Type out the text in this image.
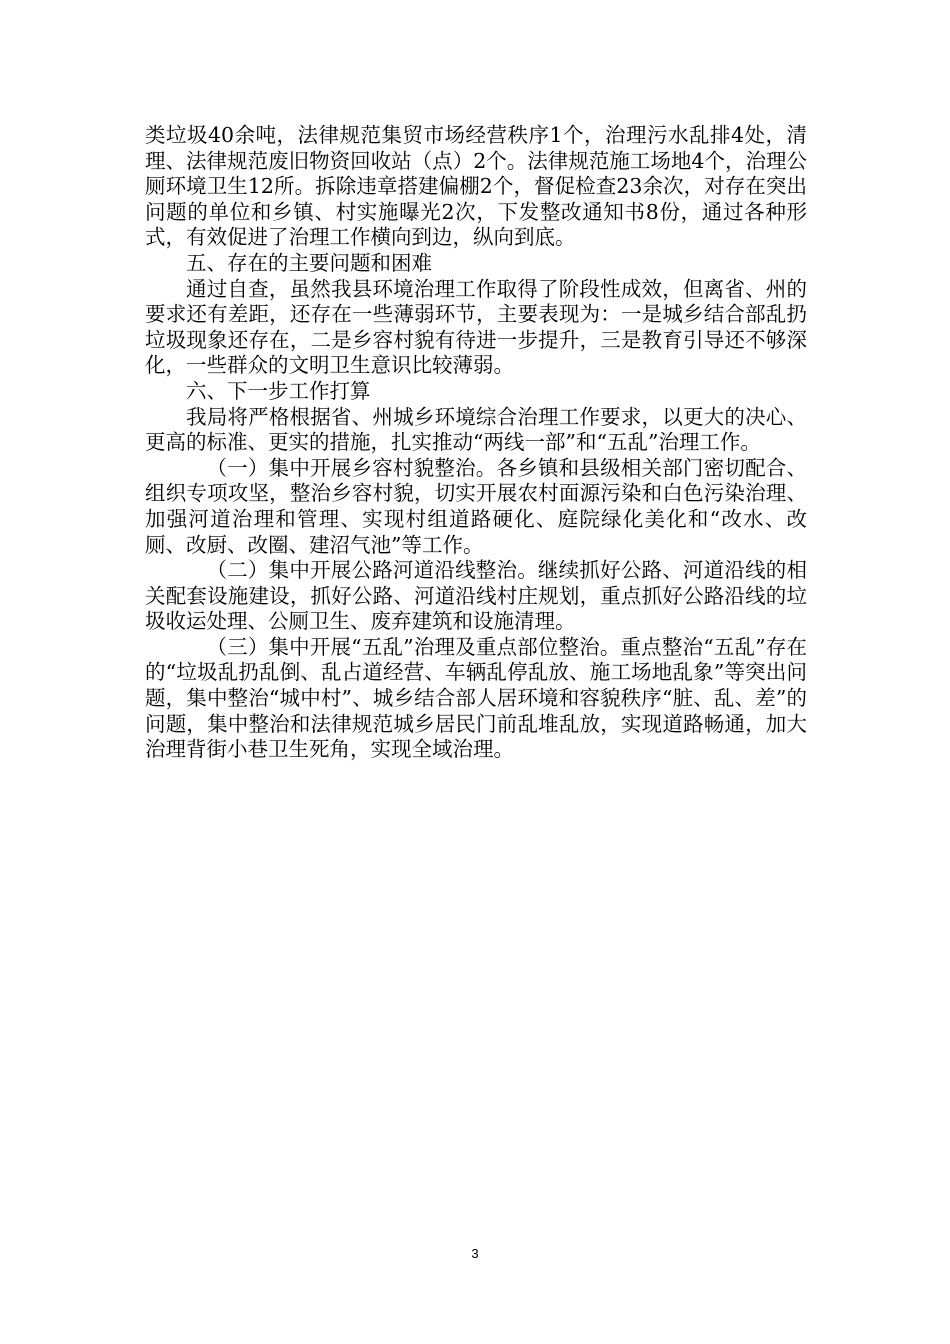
类垃圾40余吨，法律规范集贸市场经营秩序1个，治理污水乱排4处，清理、法律规范废旧物资回收站（点）2个。法律规范施工场地4个，治理公厕环境卫生12所。拆除违章搭建偏棚2个，督促检查23余次，对存在突出问题的单位和乡镇、村实施曝光2次，下发整改通知书8份，通过各种形式，有效促进了治理工作横向到边，纵向到底。

五、存在的主要问题和困难

通过自查，虽然我县环境治理工作取得了阶段性成效，但离省、州的要求还有差距，还存在一些薄弱环节，主要表现为：一是城乡结合部乱扔垃圾现象还存在，二是乡容村貌有待进一步提升，三是教育引导还不够深化，一些群众的文明卫生意识比较薄弱。

六、下一步工作打算

我局将严格根据省、州城乡环境综合治理工作要求，以更大的决心、更高的标准、更实的措施，扎实推动“两线一部”和“五乱”治理工作。

（一）集中开展乡容村貌整治。各乡镇和县级相关部门密切配合、组织专项攻坚，整治乡容村貌，切实开展农村面源污染和白色污染治理、加强河道治理和管理、实现村组道路硬化、庭院绿化美化和“改水、改厕、改厨、改圈、建沼气池”等工作。

（二）集中开展公路河道沿线整治。继续抓好公路、河道沿线的相关配套设施建设，抓好公路、河道沿线村庄规划，重点抓好公路沿线的垃圾收运处理、公厕卫生、废弃建筑和设施清理。

（三）集中开展“五乱”治理及重点部位整治。重点整治“五乱”存在的“垃圾乱扔乱倒、乱占道经营、车辆乱停乱放、施工场地乱象”等突出问题，集中整治“城中村”、城乡结合部人居环境和容貌秩序“脏、乱、差”的问题，集中整治和法律规范城乡居民门前乱堆乱放，实现道路畅通，加大治理背街小巷卫生死角，实现全域治理。

3
